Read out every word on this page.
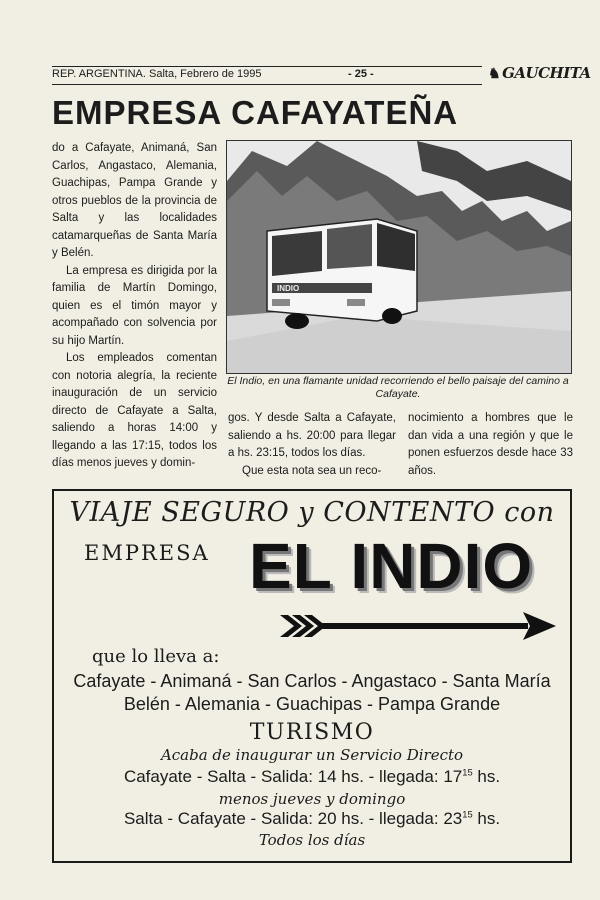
REP. ARGENTINA. Salta, Febrero de 1995	- 25 -	♞ GAUCHITA
EMPRESA CAFAYATEÑA

do a Cafayate, Animaná, San Carlos, Angastaco, Alemania, Guachipas, Pampa Grande y otros pueblos de la provincia de Salta y las localidades catamarqueñas de Santa María y Belén.

La empresa es dirigida por la familia de Martín Domingo, quien es el timón mayor y acompañado con solvencia por su hijo Martín.

Los empleados comentan con notoria alegría, la reciente inauguración de un servicio directo de Cafayate a Salta, saliendo a horas 14:00 y llegando a las 17:15, todos los días menos jueves y domin-

INDIO
El Indio, en una flamante unidad recorriendo el bello paisaje del camino a Cafayate.

gos. Y desde Salta a Cafayate, saliendo a hs. 20:00 para llegar a hs. 23:15, todos los días.

Que esta nota sea un reco-

nocimiento a hombres que le dan vida a una región y que le ponen esfuerzos desde hace 33 años.

VIAJE SEGURO y CONTENTO con
EMPRESA EL INDIO
que lo lleva a:
Cafayate - Animaná - San Carlos - Angastaco - Santa María
Belén - Alemania - Guachipas - Pampa Grande
TURISMO
Acaba de inaugurar un Servicio Directo
Cafayate - Salta - Salida: 14 hs. - llegada: $17^{15}$ hs.
menos jueves y domingo
Salta - Cafayate - Salida: 20 hs. - llegada: $23^{15}$ hs.
Todos los días
